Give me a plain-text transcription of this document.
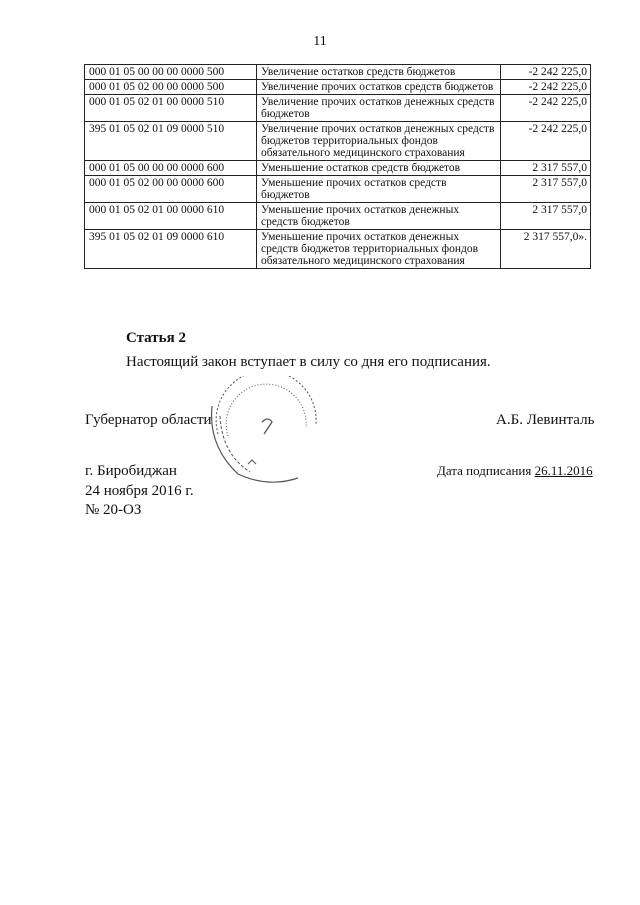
11
000 01 05 00 00 00 0000 500	Увеличение остатков средств бюджетов	-2 242 225,0
000 01 05 02 00 00 0000 500	Увеличение прочих остатков средств бюджетов	-2 242 225,0
000 01 05 02 01 00 0000 510	Увеличение прочих остатков денежных средств бюджетов	-2 242 225,0
395 01 05 02 01 09 0000 510	Увеличение прочих остатков денежных средств бюджетов территориальных фондов обязательного медицинского страхования	-2 242 225,0
000 01 05 00 00 00 0000 600	Уменьшение остатков средств бюджетов	2 317 557,0
000 01 05 02 00 00 0000 600	Уменьшение прочих остатков средств бюджетов	2 317 557,0
000 01 05 02 01 00 0000 610	Уменьшение прочих остатков денежных средств бюджетов	2 317 557,0
395 01 05 02 01 09 0000 610	Уменьшение прочих остатков денежных средств бюджетов территориальных фондов обязательного медицинского страхования	2 317 557,0».
Статья 2
Настоящий закон вступает в силу со дня его подписания.
Губернатор области	А.Б. Левинталь
г. Биробиджан
24 ноября 2016 г.
№ 20-ОЗ
Дата подписания 26.11.2016
